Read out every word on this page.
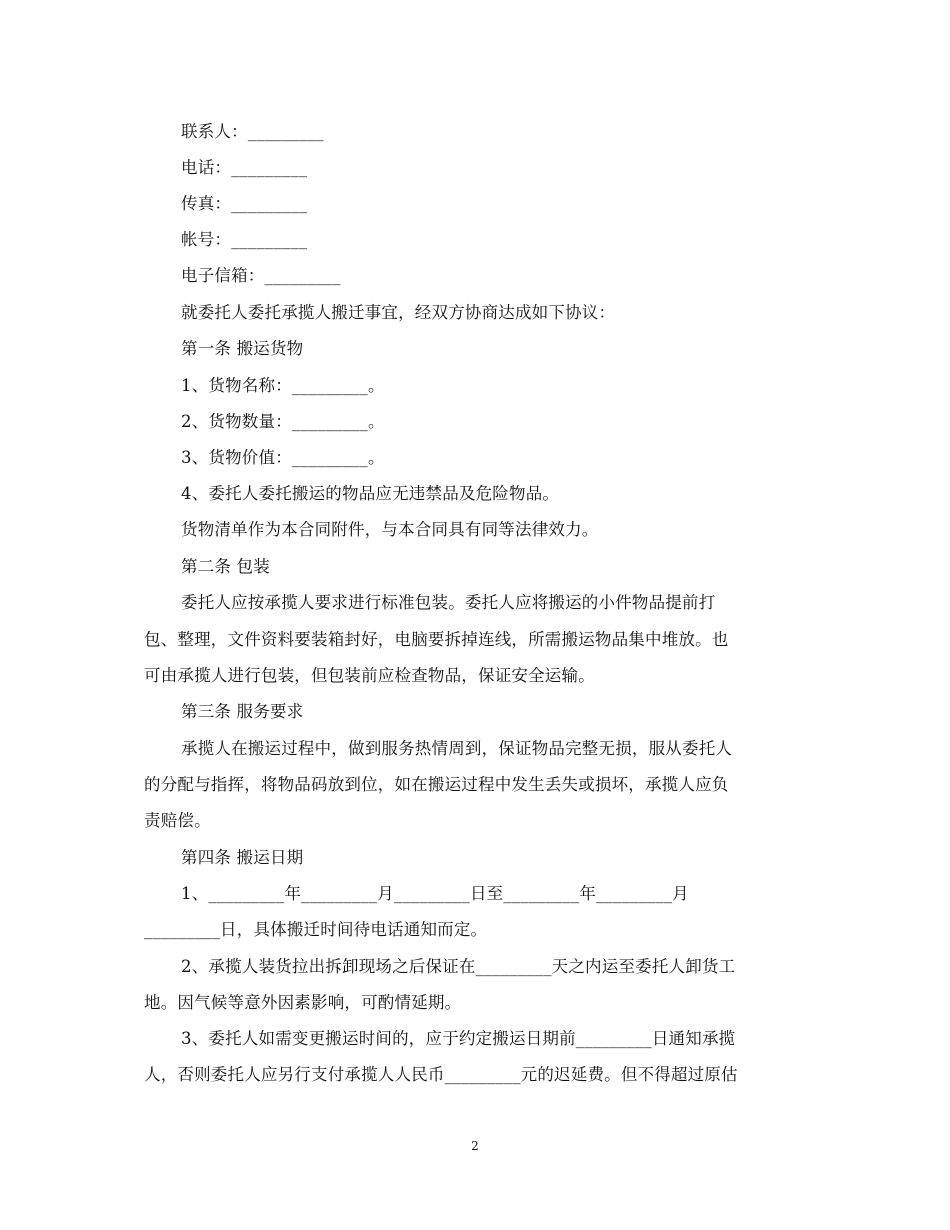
联系人：_________
电话：_________
传真：_________
帐号：_________
电子信箱：_________
就委托人委托承揽人搬迁事宜，经双方协商达成如下协议：
第一条 搬运货物
1、货物名称：_________。
2、货物数量：_________。
3、货物价值：_________。
4、委托人委托搬运的物品应无违禁品及危险物品。
货物清单作为本合同附件，与本合同具有同等法律效力。
第二条 包装
委托人应按承揽人要求进行标准包装。委托人应将搬运的小件物品提前打
包、整理，文件资料要装箱封好，电脑要拆掉连线，所需搬运物品集中堆放。也
可由承揽人进行包装，但包装前应检查物品，保证安全运输。
第三条 服务要求
承揽人在搬运过程中，做到服务热情周到，保证物品完整无损，服从委托人
的分配与指挥，将物品码放到位，如在搬运过程中发生丢失或损坏，承揽人应负
责赔偿。
第四条 搬运日期
1、_________年_________月_________日至_________年_________月
_________日，具体搬迁时间待电话通知而定。
2、承揽人装货拉出拆卸现场之后保证在_________天之内运至委托人卸货工
地。因气候等意外因素影响，可酌情延期。
3、委托人如需变更搬运时间的，应于约定搬运日期前_________日通知承揽
人，否则委托人应另行支付承揽人人民币_________元的迟延费。但不得超过原估
2
